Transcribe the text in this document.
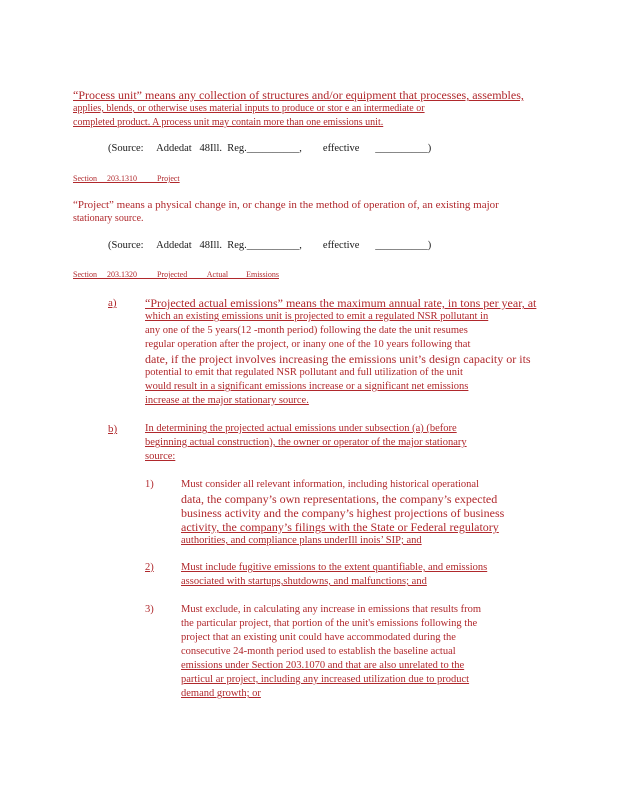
“Process unit” means any collection of structures and/or equipment that processes, assembles,
applies, blends, or otherwise uses material inputs to produce or stor e an intermediate or
completed product. A process unit may contain more than one emissions unit.
(Source:     Addedat   48Ill.  Reg.__________,        effective      __________)
Section     203.1310          Project
“Project” means a physical change in, or change in the method of operation of, an existing major
stationary source.
(Source:     Addedat   48Ill.  Reg.__________,        effective      __________)
Section     203.1320          Projected          Actual         Emissions
a) “Projected actual emissions” means the maximum annual rate, in tons per year, at
which an existing emissions unit is projected to emit a regulated NSR pollutant in
any one of the 5 years(12 -month period) following the date the unit resumes
regular operation after the project, or inany one of the 10 years following that
date, if the project involves increasing the emissions unit’s design capacity or its
potential to emit that regulated NSR pollutant and full utilization of the unit
would result in a significant emissions increase or a significant net emissions
increase at the major stationary source.
b)	In determining the projected actual emissions under subsection (a) (before
beginning actual construction), the owner or operator of the major stationary
source:
1)	Must consider all relevant information, including historical operational
data, the company’s own representations, the company’s expected
business activity and the company’s highest projections of business
activity, the company’s filings with the State or Federal regulatory
authorities, and compliance plans underIll inois’ SIP; and
2)	Must include fugitive emissions to the extent quantifiable, and emissions
associated with startups,shutdowns, and malfunctions; and
3)	Must exclude, in calculating any increase in emissions that results from
the particular project, that portion of the unit's emissions following the
project that an existing unit could have accommodated during the
consecutive 24-month period used to establish the baseline actual
emissions under Section 203.1070 and that are also unrelated to the
particul ar project, including any increased utilization due to product
demand growth; or
